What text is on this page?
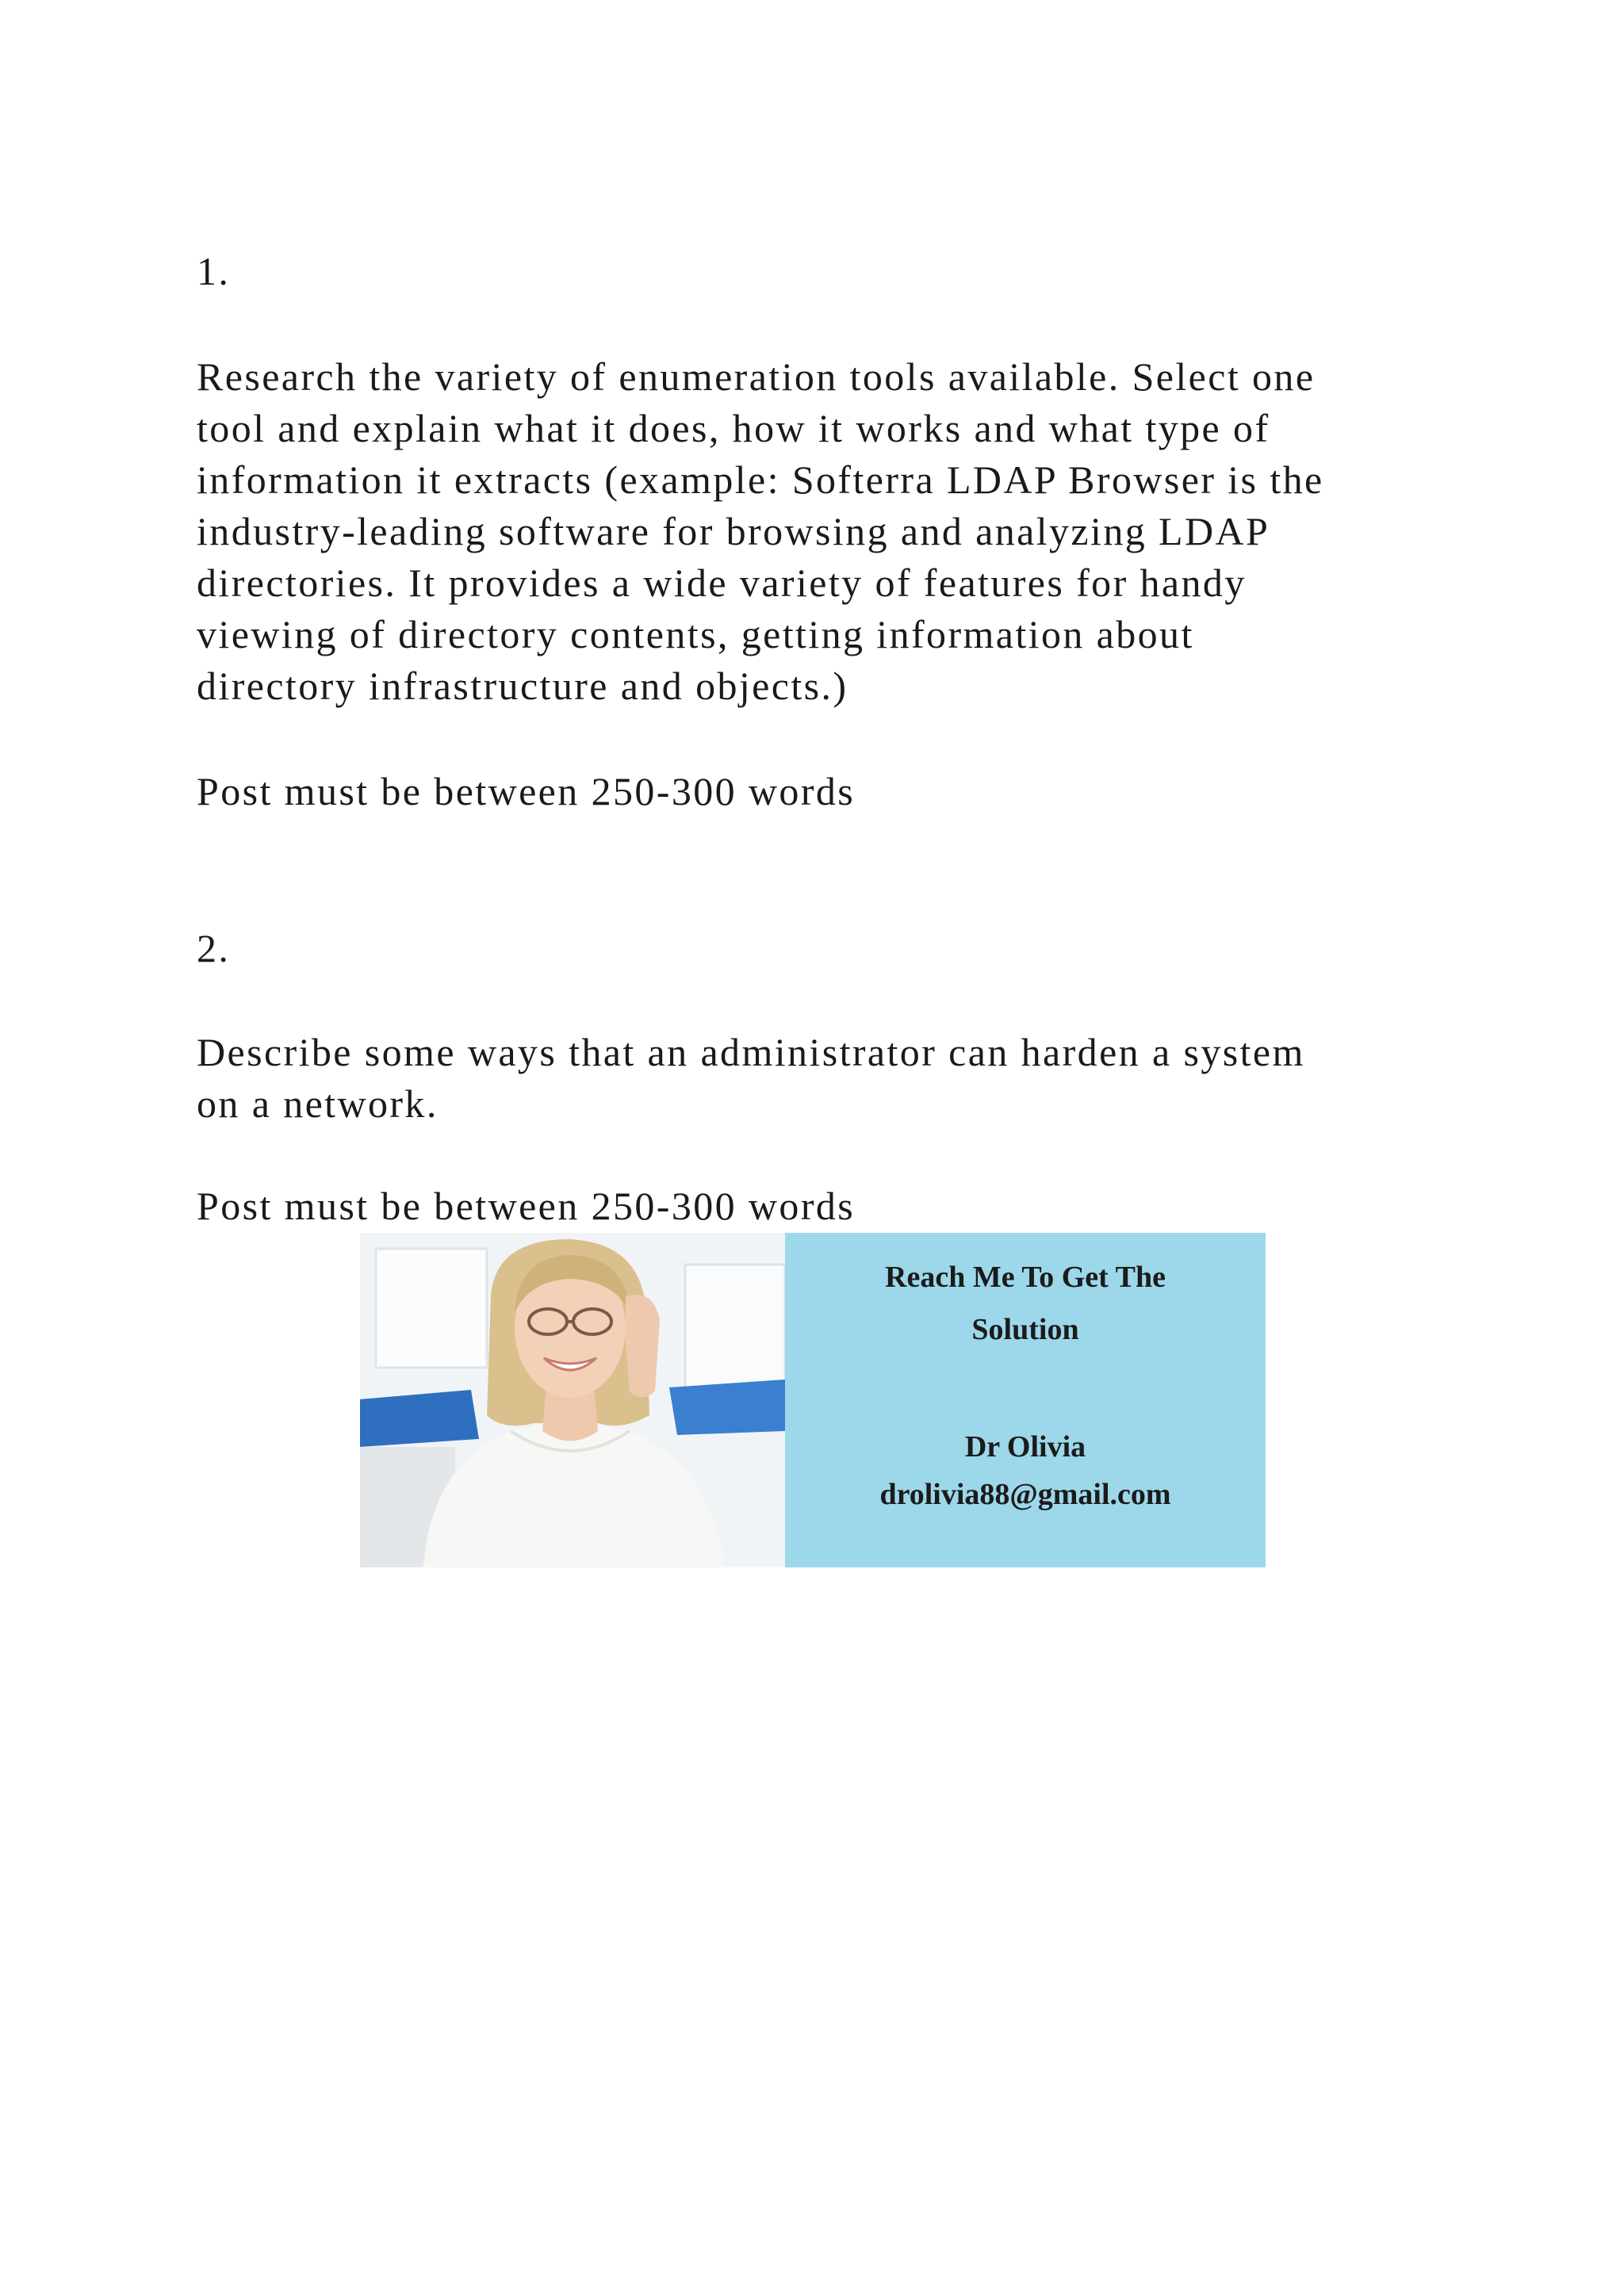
1.

Research the variety of enumeration tools available. Select one
tool and explain what it does, how it works and what type of
information it extracts (example: Softerra LDAP Browser is the
industry-leading software for browsing and analyzing LDAP
directories. It provides a wide variety of features for handy
viewing of directory contents, getting information about
directory infrastructure and objects.)

Post must be between 250-300 words

2.

Describe some ways that an administrator can harden a system
on a network.

Post must be between 250-300 words

Reach Me To Get The

Solution

Dr Olivia

drolivia88@gmail.com
